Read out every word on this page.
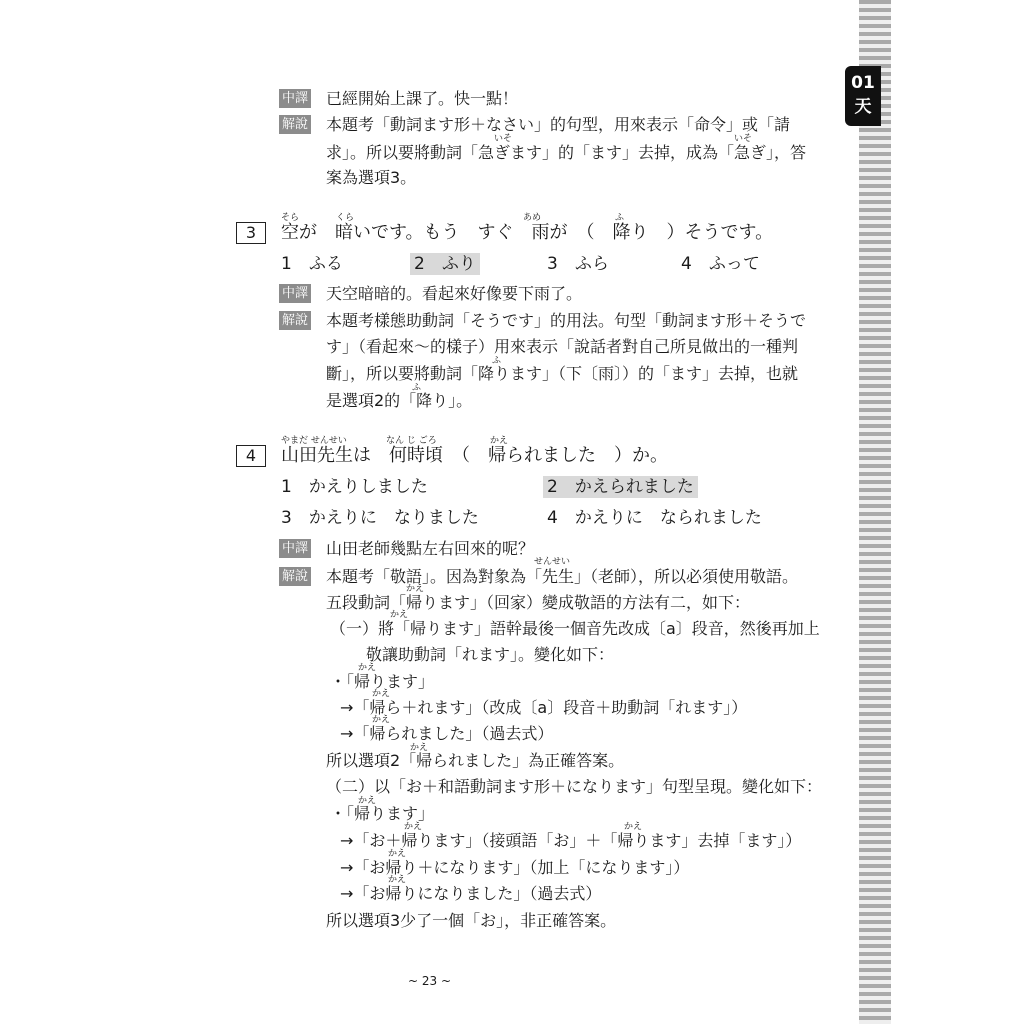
01
天
中譯 已經開始上課了。快一點！
解說 本題考「動詞ます形＋なさい」的句型，用來表示「命令」或「請
いそ	いそ
求」。所以要將動詞「急ぎます」的「ます」去掉，成為「急ぎ」，答
案為選項3。
3
そら	くら	あめ	ふ
空が　暗いです。もう　すぐ　雨が　（　降り　）そうです。
1　ふる	2　ふり	3　ふら	4　ふって
中譯 天空暗暗的。看起來好像要下雨了。
解說 本題考樣態助動詞「そうです」的用法。句型「動詞ます形＋そうで
す」（看起來〜的樣子）用來表示「說話者對自己所見做出的一種判
ふ
斷」，所以要將動詞「降ります」（下〔雨〕）的「ます」去掉，也就
ふ
是選項2的「降り」。
4
やまだ せんせい	なん じ ごろ	かえ
山田先生は　何時頃　（　帰られました　）か。
1　かえりしました	2　かえられました
3　かえりに　なりました	4　かえりに　なられました
中譯 山田老師幾點左右回來的呢？
解說
せんせい
本題考「敬語」。因為對象為「先生」（老師），所以必須使用敬語。
かえ
五段動詞「帰ります」（回家）變成敬語的方法有二，如下：
かえ
（一）將「帰ります」語幹最後一個音先改成〔a〕段音，然後再加上
敬讓助動詞「れます」。變化如下：
かえ
・「帰ります」
かえ
→「帰ら＋れます」（改成〔a〕段音＋助動詞「れます」）
かえ
→「帰られました」（過去式）
かえ
所以選項2「帰られました」為正確答案。
（二）以「お＋和語動詞ます形＋になります」句型呈現。變化如下：
かえ
・「帰ります」
かえ	かえ
→「お＋帰ります」（接頭語「お」＋「帰ります」去掉「ます」）
かえ
→「お帰り＋になります」（加上「になります」）
かえ
→「お帰りになりました」（過去式）
所以選項3少了一個「お」，非正確答案。
~ 23 ~
